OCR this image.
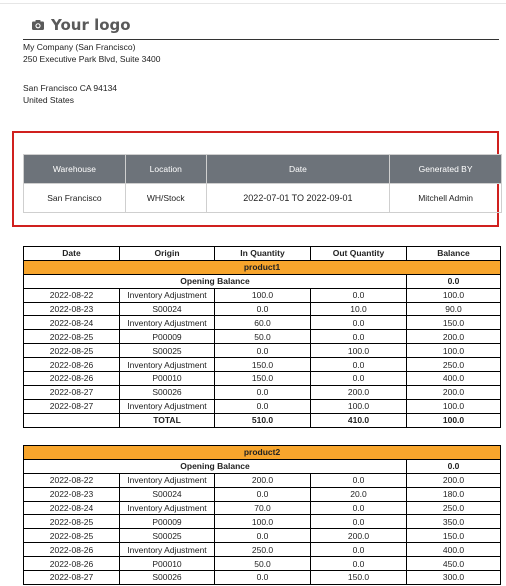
Your logo
My Company (San Francisco)
250 Executive Park Blvd, Suite 3400
San Francisco CA 94134
United States
Warehouse	Location	Date	Generated BY
San Francisco	WH/Stock	2022-07-01 TO 2022-09-01	Mitchell Admin
Date	Origin	In Quantity	Out Quantity	Balance
product1				
Opening Balance				0.0
2022-08-22	Inventory Adjustment	100.0	0.0	100.0
2022-08-23	S00024	0.0	10.0	90.0
2022-08-24	Inventory Adjustment	60.0	0.0	150.0
2022-08-25	P00009	50.0	0.0	200.0
2022-08-25	S00025	0.0	100.0	100.0
2022-08-26	Inventory Adjustment	150.0	0.0	250.0
2022-08-26	P00010	150.0	0.0	400.0
2022-08-27	S00026	0.0	200.0	200.0
2022-08-27	Inventory Adjustment	0.0	100.0	100.0
	TOTAL	510.0	410.0	100.0
product2				
Opening Balance				0.0
2022-08-22	Inventory Adjustment	200.0	0.0	200.0
2022-08-23	S00024	0.0	20.0	180.0
2022-08-24	Inventory Adjustment	70.0	0.0	250.0
2022-08-25	P00009	100.0	0.0	350.0
2022-08-25	S00025	0.0	200.0	150.0
2022-08-26	Inventory Adjustment	250.0	0.0	400.0
2022-08-26	P00010	50.0	0.0	450.0
2022-08-27	S00026	0.0	150.0	300.0
